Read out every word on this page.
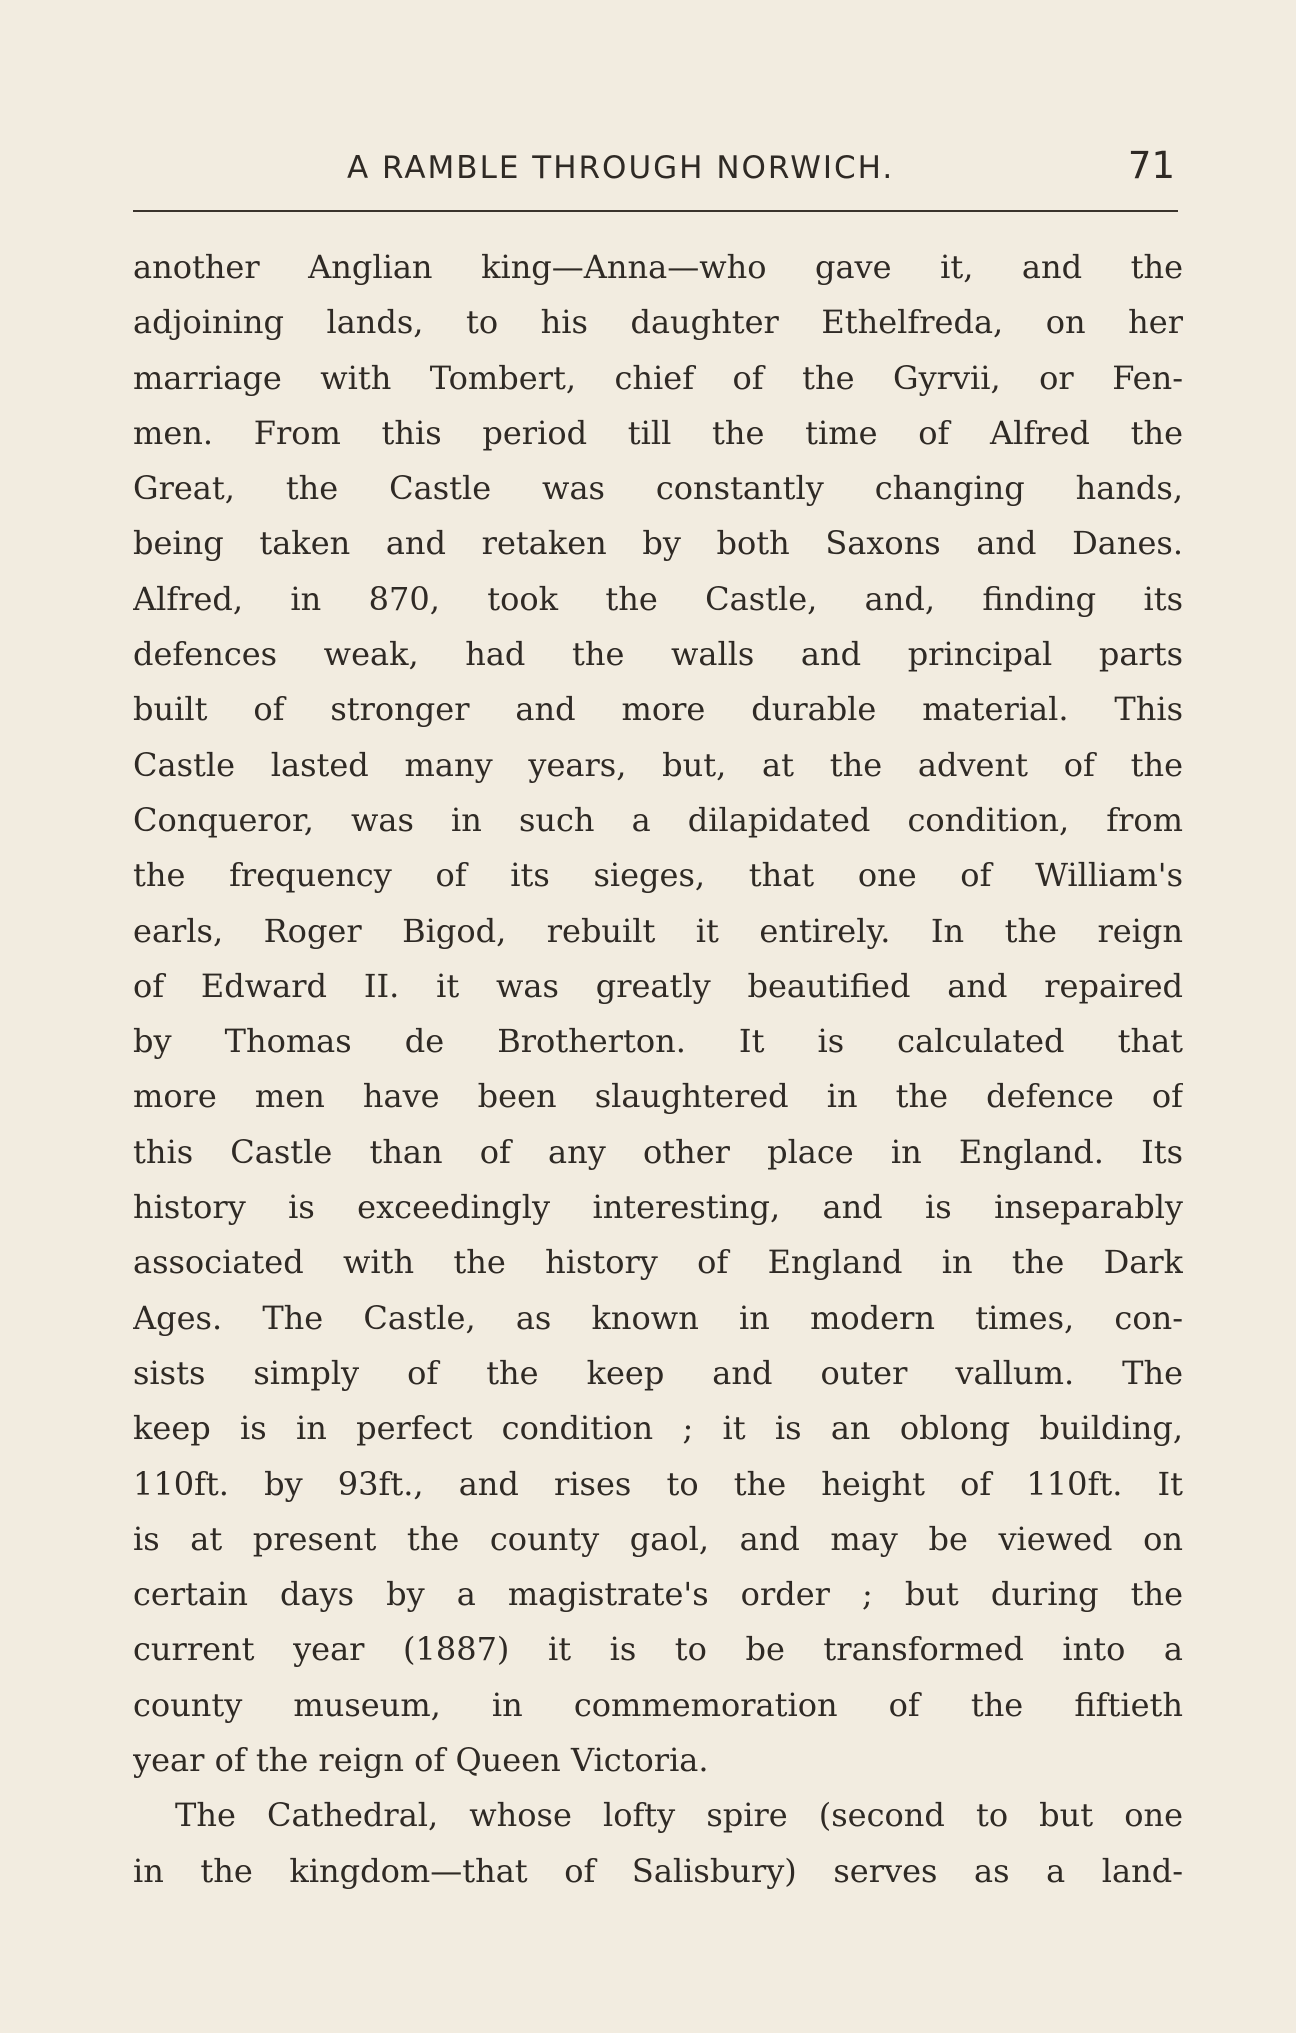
A RAMBLE THROUGH NORWICH.	71
another Anglian king—Anna—who gave it, and the
adjoining lands, to his daughter Ethelfreda, on her
marriage with Tombert, chief of the Gyrvii, or Fen-
men. From this period till the time of Alfred the
Great, the Castle was constantly changing hands,
being taken and retaken by both Saxons and Danes.
Alfred, in 870, took the Castle, and, finding its
defences weak, had the walls and principal parts
built of stronger and more durable material. This
Castle lasted many years, but, at the advent of the
Conqueror, was in such a dilapidated condition, from
the frequency of its sieges, that one of William's
earls, Roger Bigod, rebuilt it entirely. In the reign
of Edward II. it was greatly beautified and repaired
by Thomas de Brotherton. It is calculated that
more men have been slaughtered in the defence of
this Castle than of any other place in England. Its
history is exceedingly interesting, and is inseparably
associated with the history of England in the Dark
Ages. The Castle, as known in modern times, con-
sists simply of the keep and outer vallum. The
keep is in perfect condition ; it is an oblong building,
110ft. by 93ft., and rises to the height of 110ft. It
is at present the county gaol, and may be viewed on
certain days by a magistrate's order ; but during the
current year (1887) it is to be transformed into a
county museum, in commemoration of the fiftieth
year of the reign of Queen Victoria.
The Cathedral, whose lofty spire (second to but one
in the kingdom—that of Salisbury) serves as a land-
